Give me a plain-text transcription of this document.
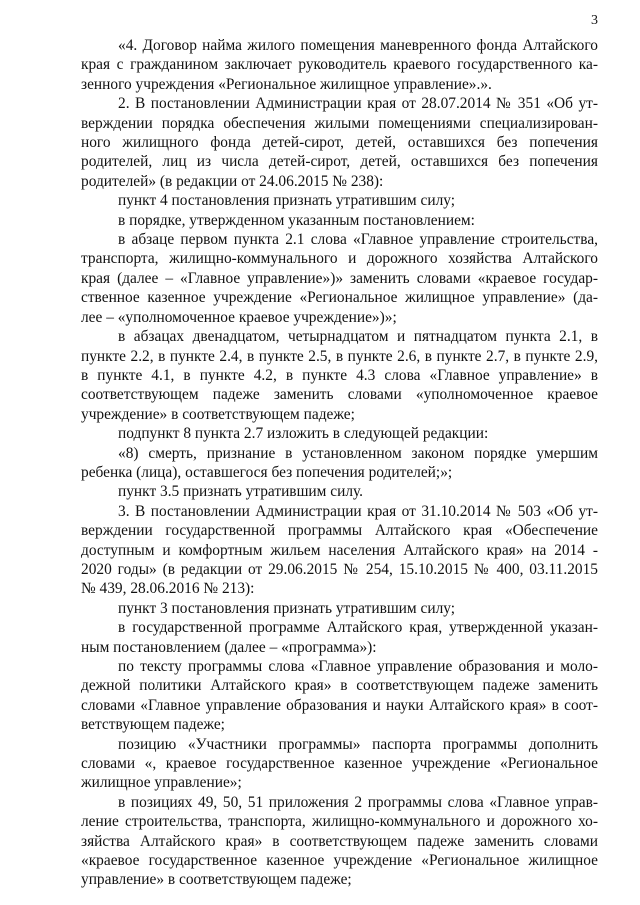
3
«4. Договор найма жилого помещения маневренного фонда Алтайского
края с гражданином заключает руководитель краевого государственного ка-
зенного учреждения «Региональное жилищное управление».».
2. В постановлении Администрации края от 28.07.2014 № 351 «Об ут-
верждении порядка обеспечения жилыми помещениями специализирован-
ного жилищного фонда детей-сирот, детей, оставшихся без попечения
родителей, лиц из числа детей-сирот, детей, оставшихся без попечения
родителей» (в редакции от 24.06.2015 № 238):
пункт 4 постановления признать утратившим силу;
в порядке, утвержденном указанным постановлением:
в абзаце первом пункта 2.1 слова «Главное управление строительства,
транспорта, жилищно-коммунального и дорожного хозяйства Алтайского
края (далее – «Главное управление»)» заменить словами «краевое государ-
ственное казенное учреждение «Региональное жилищное управление» (да-
лее – «уполномоченное краевое учреждение»)»;
в абзацах двенадцатом, четырнадцатом и пятнадцатом пункта 2.1, в
пункте 2.2, в пункте 2.4, в пункте 2.5, в пункте 2.6, в пункте 2.7, в пункте 2.9,
в пункте 4.1, в пункте 4.2, в пункте 4.3 слова «Главное управление» в
соответствующем падеже заменить словами «уполномоченное краевое
учреждение» в соответствующем падеже;
подпункт 8 пункта 2.7 изложить в следующей редакции:
«8) смерть, признание в установленном законом порядке умершим
ребенка (лица), оставшегося без попечения родителей;»;
пункт 3.5 признать утратившим силу.
3. В постановлении Администрации края от 31.10.2014 № 503 «Об ут-
верждении государственной программы Алтайского края «Обеспечение
доступным и комфортным жильем населения Алтайского края» на 2014 -
2020 годы» (в редакции от 29.06.2015 № 254, 15.10.2015 № 400, 03.11.2015
№ 439, 28.06.2016 № 213):
пункт 3 постановления признать утратившим силу;
в государственной программе Алтайского края, утвержденной указан-
ным постановлением (далее – «программа»):
по тексту программы слова «Главное управление образования и моло-
дежной политики Алтайского края» в соответствующем падеже заменить
словами «Главное управление образования и науки Алтайского края» в соот-
ветствующем падеже;
позицию «Участники программы» паспорта программы дополнить
словами «, краевое государственное казенное учреждение «Региональное
жилищное управление»;
в позициях 49, 50, 51 приложения 2 программы слова «Главное управ-
ление строительства, транспорта, жилищно-коммунального и дорожного хо-
зяйства Алтайского края» в соответствующем падеже заменить словами
«краевое государственное казенное учреждение «Региональное жилищное
управление» в соответствующем падеже;
